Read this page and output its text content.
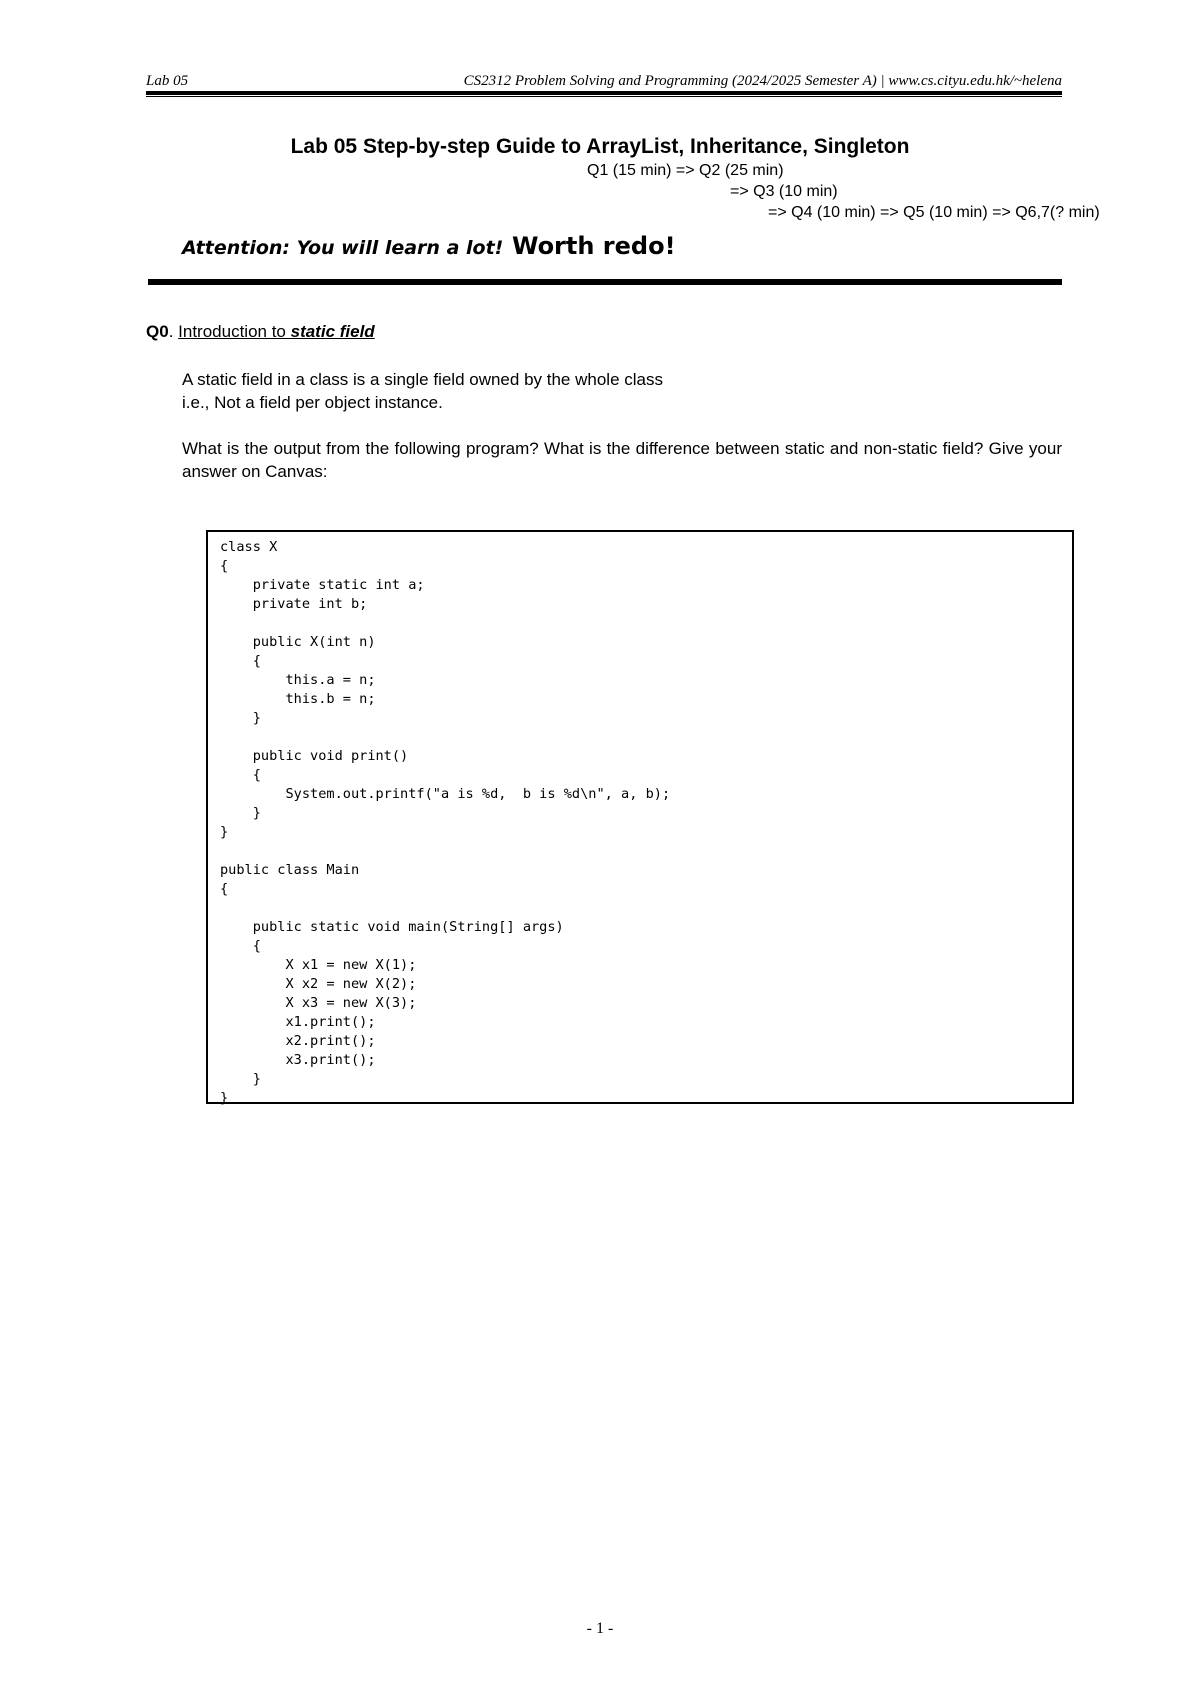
Lab 05	CS2312 Problem Solving and Programming (2024/2025 Semester A) | www.cs.cityu.edu.hk/~helena
Lab 05 Step-by-step Guide to ArrayList, Inheritance, Singleton
Q1 (15 min) => Q2 (25 min)
=> Q3 (10 min)
=> Q4 (10 min) => Q5 (10 min) => Q6,7(? min)
Attention: You will learn a lot! Worth redo!
Q0. Introduction to static field
A static field in a class is a single field owned by the whole class
i.e., Not a field per object instance.
What is the output from the following program? What is the difference between static and non-static field? Give your answer on Canvas:
class X
{
private static int a;
private int b;

public X(int n)
{
this.a = n;
this.b = n;
}

public void print()
{
System.out.printf("a is %d,  b is %d\n", a, b);
}
}

public class Main
{

public static void main(String[] args)
{
X x1 = new X(1);
X x2 = new X(2);
X x3 = new X(3);
x1.print();
x2.print();
x3.print();
}
}
- 1 -
